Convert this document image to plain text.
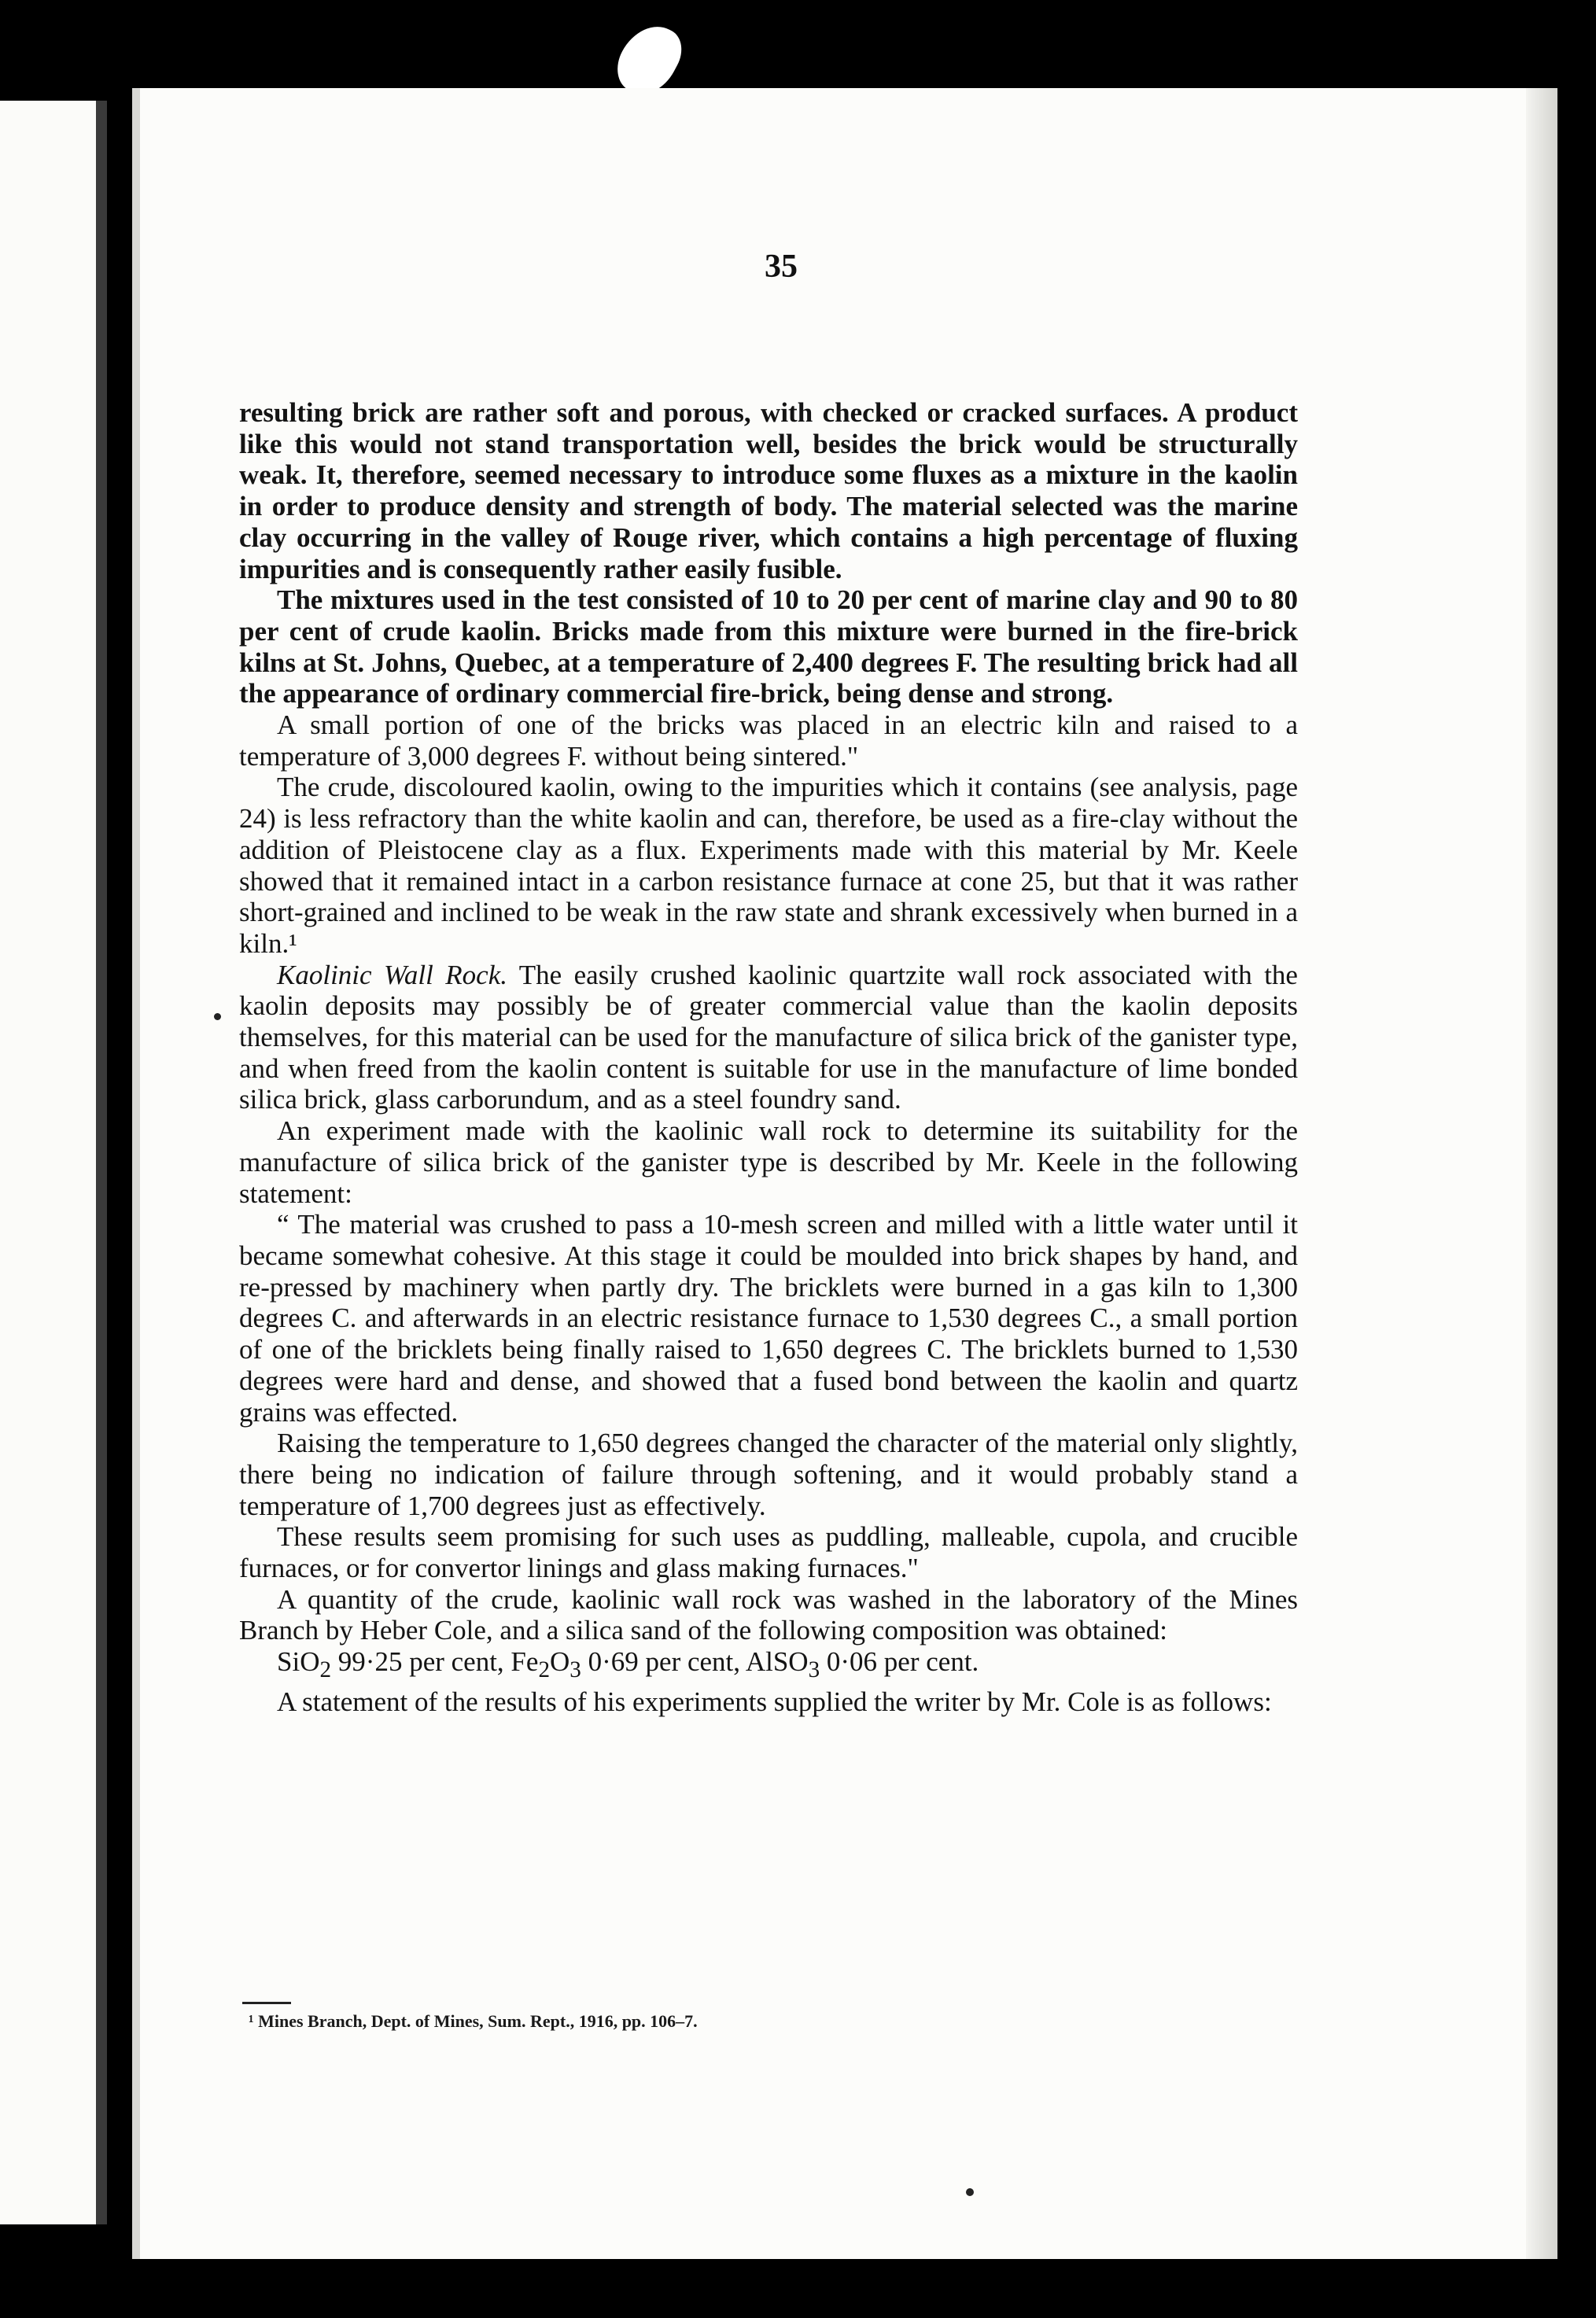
35

resulting brick are rather soft and porous, with checked or cracked surfaces. A product like this would not stand transportation well, besides the brick would be structurally weak. It, therefore, seemed necessary to introduce some fluxes as a mixture in the kaolin in order to produce density and strength of body. The material selected was the marine clay occurring in the valley of Rouge river, which contains a high percentage of fluxing impurities and is consequently rather easily fusible.

The mixtures used in the test consisted of 10 to 20 per cent of marine clay and 90 to 80 per cent of crude kaolin. Bricks made from this mixture were burned in the fire-brick kilns at St. Johns, Quebec, at a temperature of 2,400 degrees F. The resulting brick had all the appearance of ordinary commercial fire-brick, being dense and strong.

A small portion of one of the bricks was placed in an electric kiln and raised to a temperature of 3,000 degrees F. without being sintered."

The crude, discoloured kaolin, owing to the impurities which it contains (see analysis, page 24) is less refractory than the white kaolin and can, therefore, be used as a fire-clay without the addition of Pleistocene clay as a flux. Experiments made with this material by Mr. Keele showed that it remained intact in a carbon resistance furnace at cone 25, but that it was rather short-grained and inclined to be weak in the raw state and shrank excessively when burned in a kiln.¹

Kaolinic Wall Rock. The easily crushed kaolinic quartzite wall rock associated with the kaolin deposits may possibly be of greater commercial value than the kaolin deposits themselves, for this material can be used for the manufacture of silica brick of the ganister type, and when freed from the kaolin content is suitable for use in the manufacture of lime bonded silica brick, glass carborundum, and as a steel foundry sand.

An experiment made with the kaolinic wall rock to determine its suitability for the manufacture of silica brick of the ganister type is described by Mr. Keele in the following statement:

“ The material was crushed to pass a 10-mesh screen and milled with a little water until it became somewhat cohesive. At this stage it could be moulded into brick shapes by hand, and re-pressed by machinery when partly dry. The bricklets were burned in a gas kiln to 1,300 degrees C. and afterwards in an electric resistance furnace to 1,530 degrees C., a small portion of one of the bricklets being finally raised to 1,650 degrees C. The bricklets burned to 1,530 degrees were hard and dense, and showed that a fused bond between the kaolin and quartz grains was effected.

Raising the temperature to 1,650 degrees changed the character of the material only slightly, there being no indication of failure through softening, and it would probably stand a temperature of 1,700 degrees just as effectively.

These results seem promising for such uses as puddling, malleable, cupola, and crucible furnaces, or for convertor linings and glass making furnaces."

A quantity of the crude, kaolinic wall rock was washed in the laboratory of the Mines Branch by Heber Cole, and a silica sand of the following composition was obtained:

SiO$_2$ 99·25 per cent, $Fe_2O_3$ 0·69 per cent, AlSO$_3$ 0·06 per cent.

A statement of the results of his experiments supplied the writer by Mr. Cole is as follows:

¹ Mines Branch, Dept. of Mines, Sum. Rept., 1916, pp. 106–7.
